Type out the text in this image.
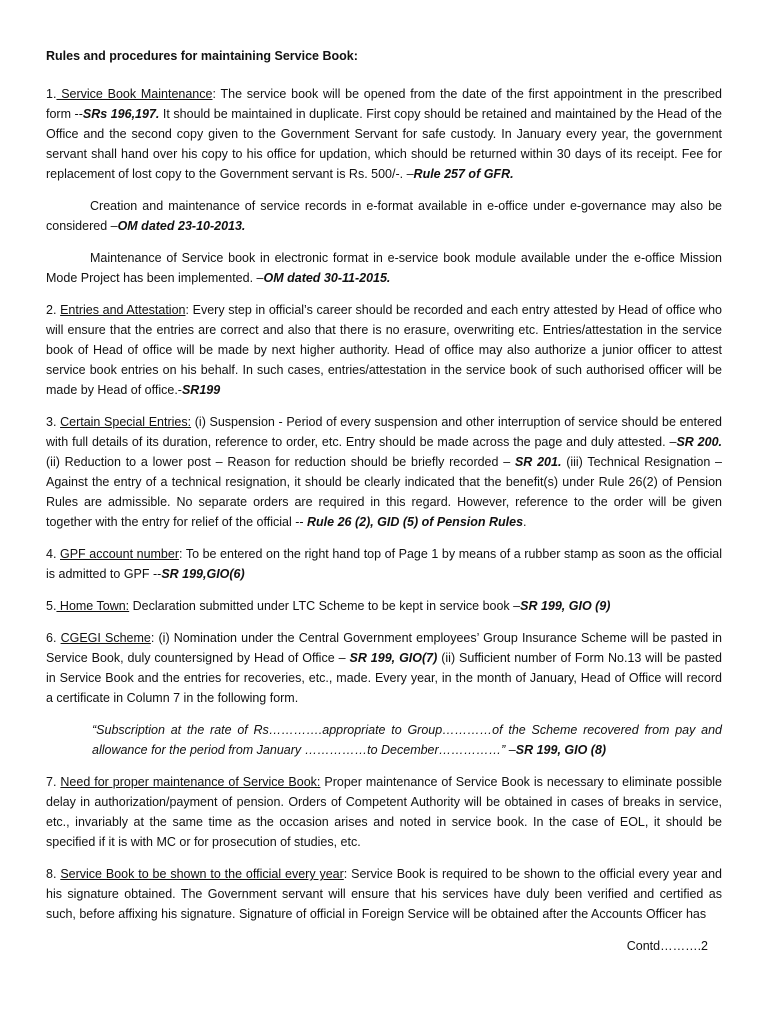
Rules and procedures for maintaining Service Book:

1. Service Book Maintenance: The service book will be opened from the date of the first appointment in the prescribed form --SRs 196,197. It should be maintained in duplicate. First copy should be retained and maintained by the Head of the Office and the second copy given to the Government Servant for safe custody. In January every year, the government servant shall hand over his copy to his office for updation, which should be returned within 30 days of its receipt. Fee for replacement of lost copy to the Government servant is Rs. 500/-. –Rule 257 of GFR.

Creation and maintenance of service records in e-format available in e-office under e-governance may also be considered –OM dated 23-10-2013.

Maintenance of Service book in electronic format in e-service book module available under the e-office Mission Mode Project has been implemented. –OM dated 30-11-2015.

2. Entries and Attestation: Every step in official’s career should be recorded and each entry attested by Head of office who will ensure that the entries are correct and also that there is no erasure, overwriting etc. Entries/attestation in the service book of Head of office will be made by next higher authority. Head of office may also authorize a junior officer to attest service book entries on his behalf. In such cases, entries/attestation in the service book of such authorised officer will be made by Head of office.-SR199

3. Certain Special Entries: (i) Suspension - Period of every suspension and other interruption of service should be entered with full details of its duration, reference to order, etc. Entry should be made across the page and duly attested. –SR 200. (ii) Reduction to a lower post – Reason for reduction should be briefly recorded – SR 201. (iii) Technical Resignation – Against the entry of a technical resignation, it should be clearly indicated that the benefit(s) under Rule 26(2) of Pension Rules are admissible. No separate orders are required in this regard. However, reference to the order will be given together with the entry for relief of the official -- Rule 26 (2), GID (5) of Pension Rules.

4. GPF account number: To be entered on the right hand top of Page 1 by means of a rubber stamp as soon as the official is admitted to GPF --SR 199,GIO(6)

5. Home Town: Declaration submitted under LTC Scheme to be kept in service book –SR 199, GIO (9)

6. CGEGI Scheme: (i) Nomination under the Central Government employees’ Group Insurance Scheme will be pasted in Service Book, duly countersigned by Head of Office – SR 199, GIO(7) (ii) Sufficient number of Form No.13 will be pasted in Service Book and the entries for recoveries, etc., made. Every year, in the month of January, Head of Office will record a certificate in Column 7 in the following form.

“Subscription at the rate of Rs………….appropriate to Group…………of the Scheme recovered from pay and allowance for the period from January ……………to December……………” –SR 199, GIO (8)

7. Need for proper maintenance of Service Book: Proper maintenance of Service Book is necessary to eliminate possible delay in authorization/payment of pension. Orders of Competent Authority will be obtained in cases of breaks in service, etc., invariably at the same time as the occasion arises and noted in service book. In the case of EOL, it should be specified if it is with MC or for prosecution of studies, etc.

8. Service Book to be shown to the official every year: Service Book is required to be shown to the official every year and his signature obtained. The Government servant will ensure that his services have duly been verified and certified as such, before affixing his signature. Signature of official in Foreign Service will be obtained after the Accounts Officer has

Contd……….2
